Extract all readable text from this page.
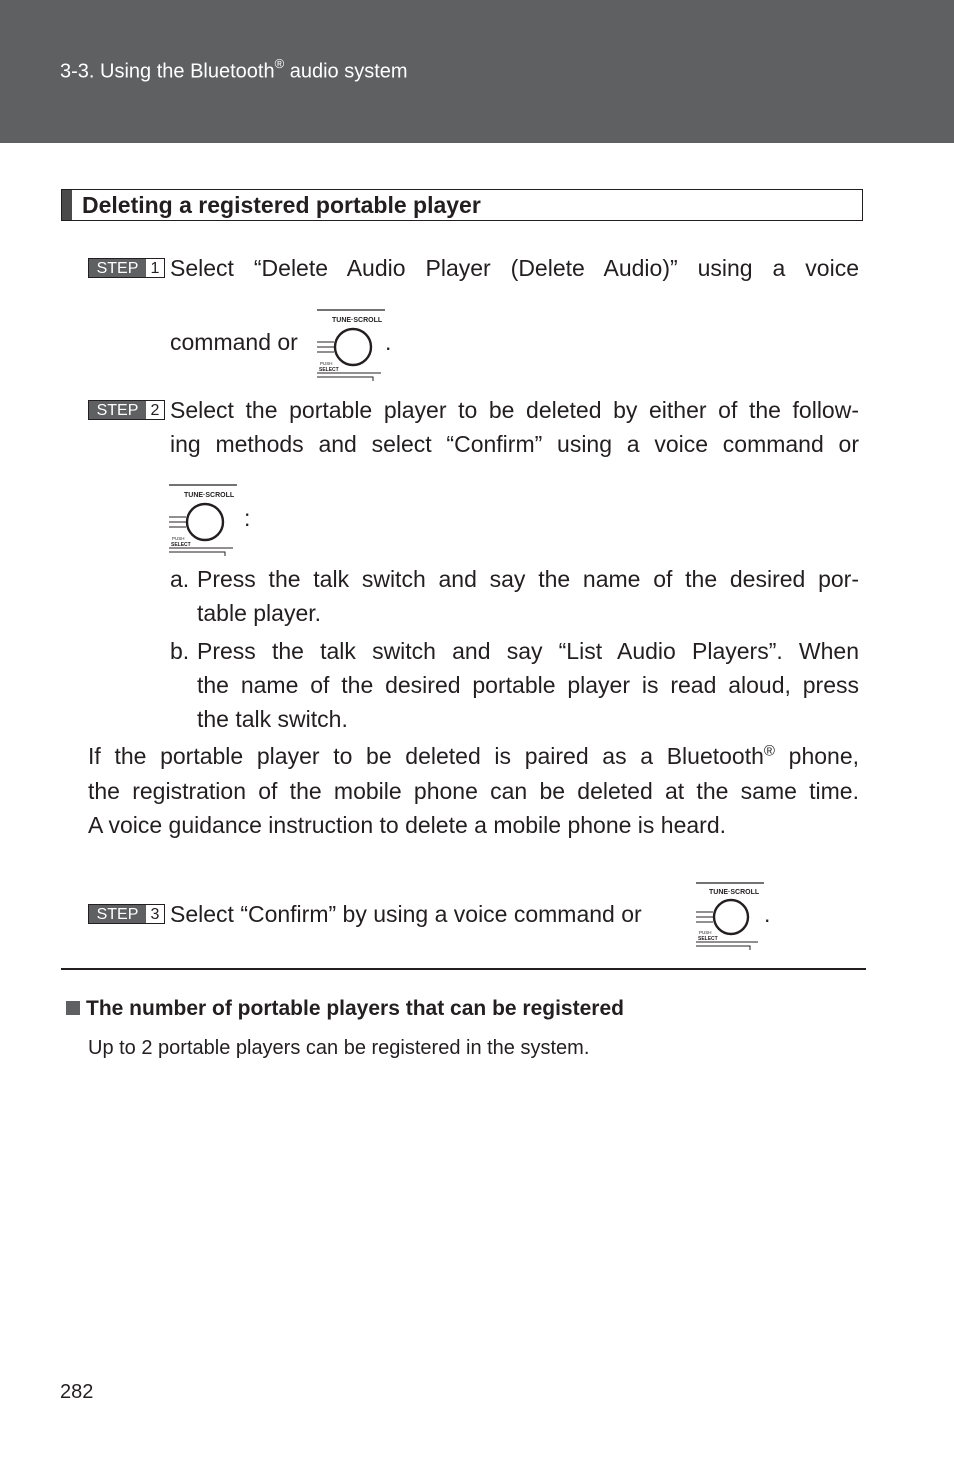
3-3. Using the Bluetooth® audio system
Deleting a registered portable player
STEP 1 Select “Delete Audio Player (Delete Audio)” using a voice
command or
TUNE·SCROLL
PUSH
SELECT
.
STEP 2 Select the portable player to be deleted by either of the follow-
ing methods and select “Confirm” using a voice command or
TUNE·SCROLL
PUSH
SELECT
:
a. Press the talk switch and say the name of the desired por-
table player.
b. Press the talk switch and say “List Audio Players”. When
the name of the desired portable player is read aloud, press
the talk switch.
If the portable player to be deleted is paired as a Bluetooth® phone,
the registration of the mobile phone can be deleted at the same time.
A voice guidance instruction to delete a mobile phone is heard.
STEP 3 Select “Confirm” by using a voice command or
TUNE·SCROLL
PUSH
SELECT
.
The number of portable players that can be registered
Up to 2 portable players can be registered in the system.
282
